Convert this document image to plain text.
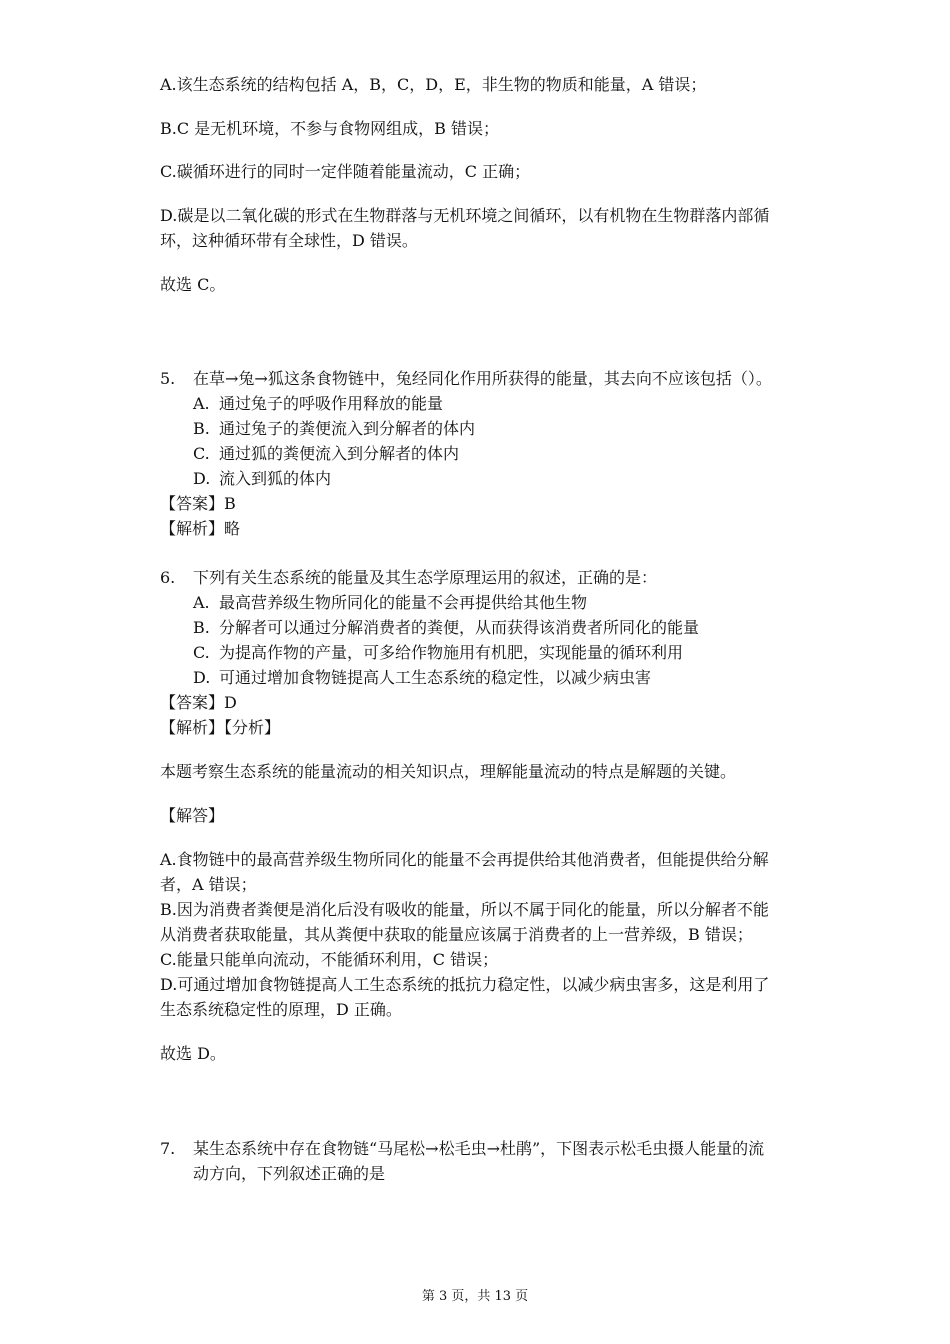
A.该生态系统的结构包括 A，B，C，D，E，非生物的物质和能量，A 错误；
B.C 是无机环境，不参与食物网组成，B 错误；
C.碳循环进行的同时一定伴随着能量流动，C 正确；
D.碳是以二氧化碳的形式在生物群落与无机环境之间循环，以有机物在生物群落内部循
环，这种循环带有全球性，D 错误。
故选 C。
5. 在草→兔→狐这条食物链中，兔经同化作用所获得的能量，其去向不应该包括（）。
A. 通过兔子的呼吸作用释放的能量
B. 通过兔子的粪便流入到分解者的体内
C. 通过狐的粪便流入到分解者的体内
D. 流入到狐的体内
【答案】B
【解析】略
6. 下列有关生态系统的能量及其生态学原理运用的叙述，正确的是：
A. 最高营养级生物所同化的能量不会再提供给其他生物
B. 分解者可以通过分解消费者的粪便，从而获得该消费者所同化的能量
C. 为提高作物的产量，可多给作物施用有机肥，实现能量的循环利用
D. 可通过增加食物链提高人工生态系统的稳定性，以减少病虫害
【答案】D
【解析】【分析】
本题考察生态系统的能量流动的相关知识点，理解能量流动的特点是解题的关键。
【解答】
A.食物链中的最高营养级生物所同化的能量不会再提供给其他消费者，但能提供给分解
者，A 错误；
B.因为消费者粪便是消化后没有吸收的能量，所以不属于同化的能量，所以分解者不能
从消费者获取能量，其从粪便中获取的能量应该属于消费者的上一营养级，B 错误；
C.能量只能单向流动，不能循环利用，C 错误；
D.可通过增加食物链提高人工生态系统的抵抗力稳定性，以减少病虫害多，这是利用了
生态系统稳定性的原理，D 正确。
故选 D。
7. 某生态系统中存在食物链“马尾松→松毛虫→杜鹃”，下图表示松毛虫摄人能量的流
动方向，下列叙述正确的是
第 3 页，共 13 页
